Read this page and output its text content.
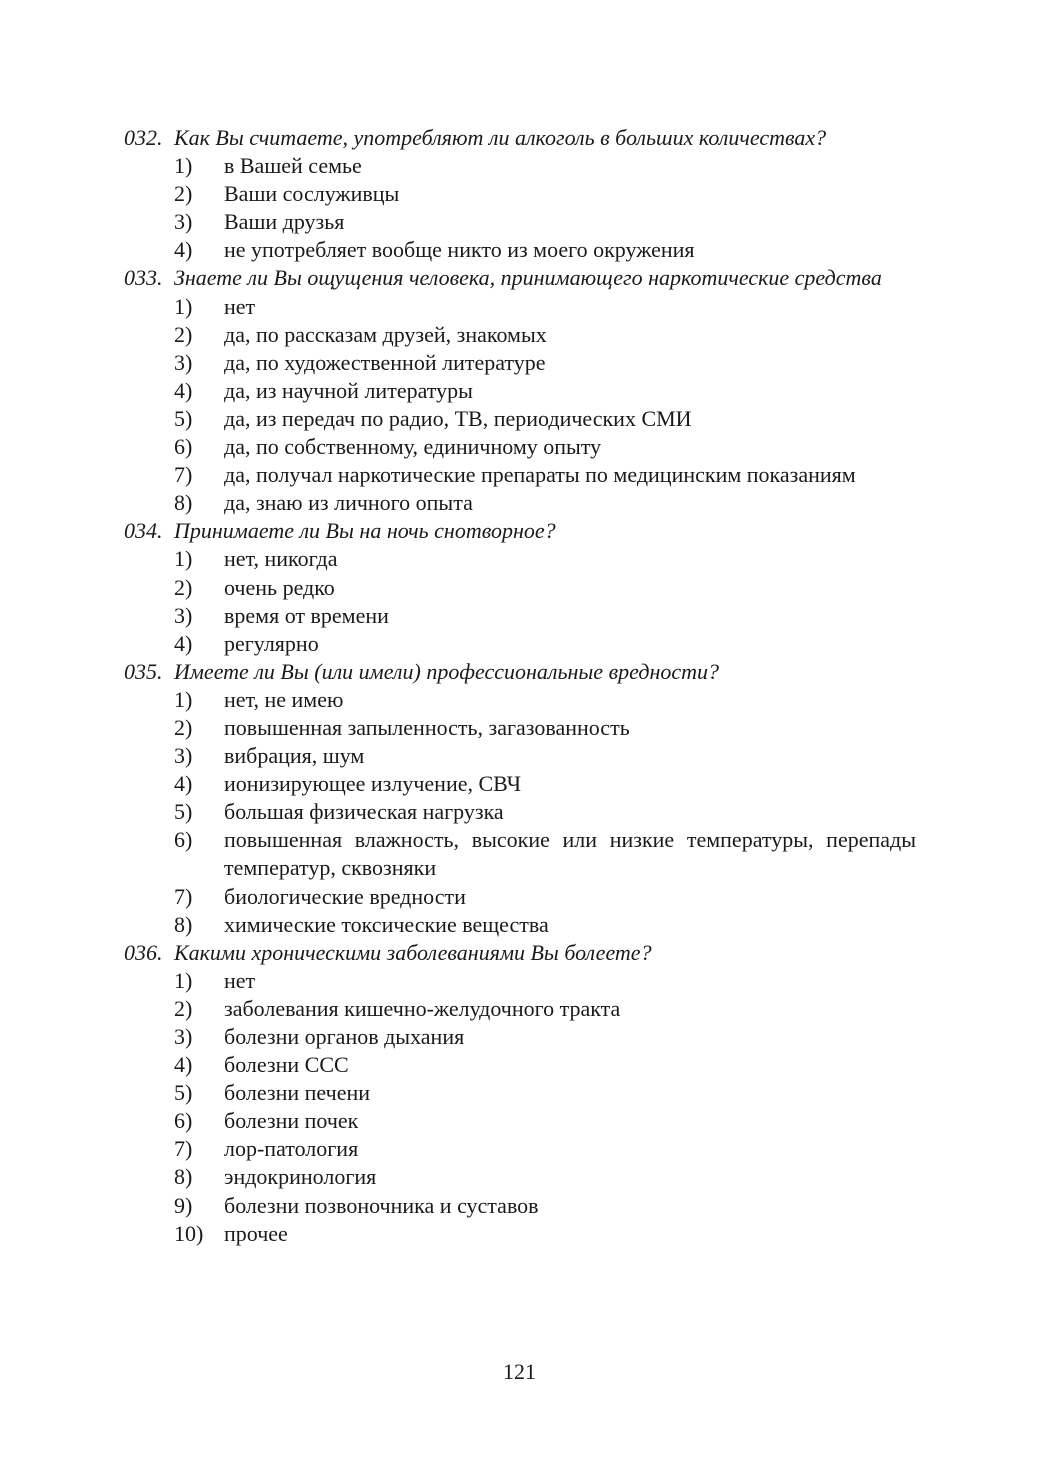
032. Как Вы считаете, употребляют ли алкоголь в больших количествах?
1)	в Вашей семье
2)	Ваши сослуживцы
3)	Ваши друзья
4)	не употребляет вообще никто из моего окружения
033. Знаете ли Вы ощущения человека, принимающего наркотические средства
1)	нет
2)	да, по рассказам друзей, знакомых
3)	да, по художественной литературе
4)	да, из научной литературы
5)	да, из передач по радио, ТВ, периодических СМИ
6)	да, по собственному, единичному опыту
7)	да, получал наркотические препараты по медицинским показаниям
8)	да, знаю из личного опыта
034. Принимаете ли Вы на ночь снотворное?
1)	нет, никогда
2)	очень редко
3)	время от времени
4)	регулярно
035. Имеете ли Вы (или имели) профессиональные вредности?
1)	нет, не имею
2)	повышенная запыленность, загазованность
3)	вибрация, шум
4)	ионизирующее излучение, СВЧ
5)	большая физическая нагрузка
6)	повышенная влажность, высокие или низкие температуры, перепады температур, сквозняки
7)	биологические вредности
8)	химические токсические вещества
036. Какими хроническими заболеваниями Вы болеете?
1)	нет
2)	заболевания кишечно-желудочного тракта
3)	болезни органов дыхания
4)	болезни ССС
5)	болезни печени
6)	болезни почек
7)	лор-патология
8)	эндокринология
9)	болезни позвоночника и суставов
10) прочее
121
